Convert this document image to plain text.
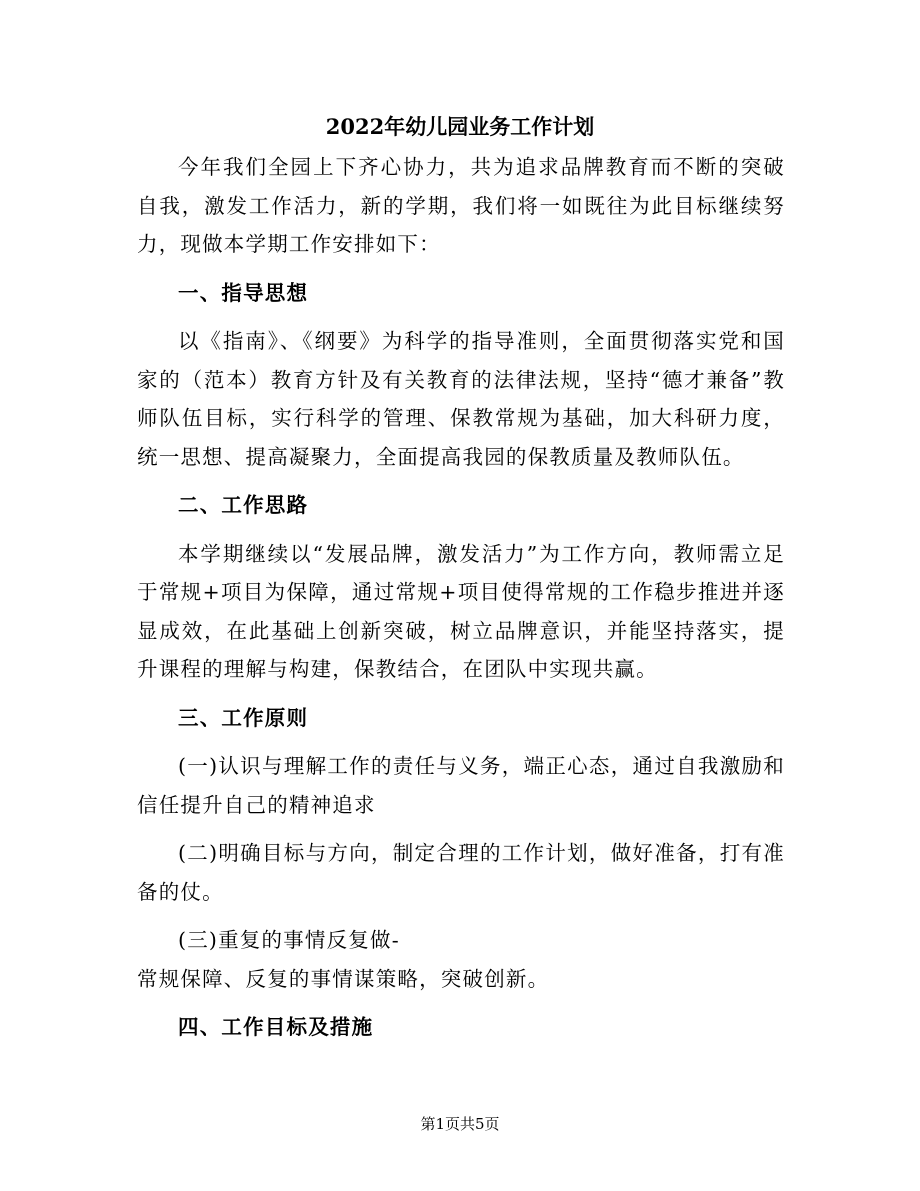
2022年幼儿园业务工作计划

今年我们全园上下齐心协力，共为追求品牌教育而不断的突破自我，激发工作活力，新的学期，我们将一如既往为此目标继续努力，现做本学期工作安排如下：

一、指导思想

以《指南》、《纲要》为科学的指导准则，全面贯彻落实党和国家的（范本）教育方针及有关教育的法律法规，坚持“德才兼备”教师队伍目标，实行科学的管理、保教常规为基础，加大科研力度，统一思想、提高凝聚力，全面提高我园的保教质量及教师队伍。

二、工作思路

本学期继续以“发展品牌，激发活力”为工作方向，教师需立足于常规+项目为保障，通过常规+项目使得常规的工作稳步推进并逐显成效，在此基础上创新突破，树立品牌意识，并能坚持落实，提升课程的理解与构建，保教结合，在团队中实现共赢。

三、工作原则

(一)认识与理解工作的责任与义务，端正心态，通过自我激励和信任提升自己的精神追求

(二)明确目标与方向，制定合理的工作计划，做好准备，打有准备的仗。

(三)重复的事情反复做-

常规保障、反复的事情谋策略，突破创新。

四、工作目标及措施

第1页共5页
